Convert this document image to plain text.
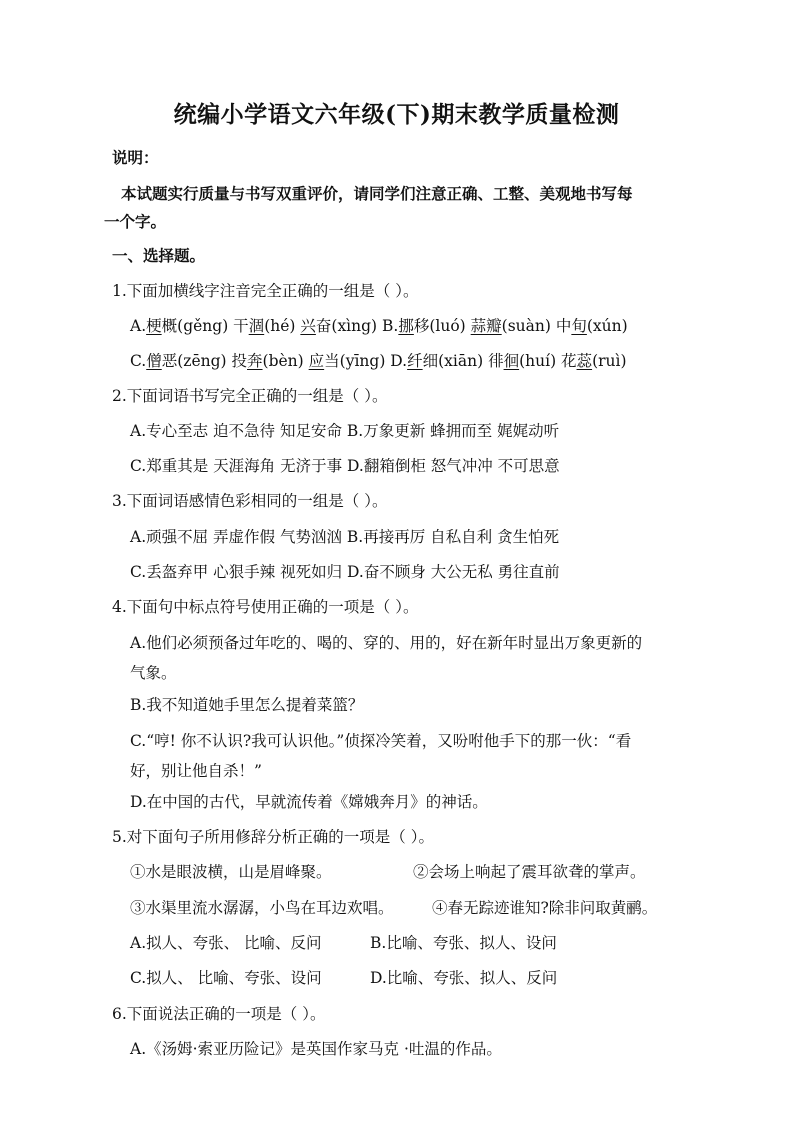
统编小学语文六年级(下)期末教学质量检测
说明：
本试题实行质量与书写双重评价，请同学们注意正确、工整、美观地书写每
一个字。
一、选择题。
1.下面加横线字注音完全正确的一组是（ ）。
A.梗概(gěng) 干涸(hé) 兴奋(xìng) B.挪移(luó) 蒜瓣(suàn) 中旬(xún)
C.僧恶(zēng) 投奔(bèn) 应当(yīng) D.纤细(xiān) 徘徊(huí) 花蕊(ruì)
2.下面词语书写完全正确的一组是（ ）。
A.专心至志 迫不急待 知足安命 B.万象更新 蜂拥而至 娓娓动听
C.郑重其是 天涯海角 无济于事 D.翻箱倒柜 怒气冲冲 不可思意
3.下面词语感情色彩相同的一组是（ ）。
A.顽强不屈 弄虚作假 气势汹汹 B.再接再厉 自私自利 贪生怕死
C.丢盔弃甲 心狠手辣 视死如归 D.奋不顾身 大公无私 勇往直前
4.下面句中标点符号使用正确的一项是（ ）。
A.他们必须预备过年吃的、喝的、穿的、用的，好在新年时显出万象更新的
气象。
B.我不知道她手里怎么提着菜篮？
C.“哼! 你不认识?我可认识他。”侦探冷笑着，又吩咐他手下的那一伙：“看
好，别让他自杀！”
D.在中国的古代，早就流传着《嫦娥奔月》的神话。
5.对下面句子所用修辞分析正确的一项是（ ）。
①水是眼波横，山是眉峰聚。	②会场上响起了震耳欲聋的掌声。
③水渠里流水潺潺，小鸟在耳边欢唱。 ④春无踪迹谁知?除非问取黄鹂。
A.拟人、夸张、 比喻、反问	B.比喻、夸张、拟人、设问
C.拟人、 比喻、夸张、设问	D.比喻、夸张、拟人、反问
6.下面说法正确的一项是（ ）。
A.《汤姆·索亚历险记》是英国作家马克 ·吐温的作品。
